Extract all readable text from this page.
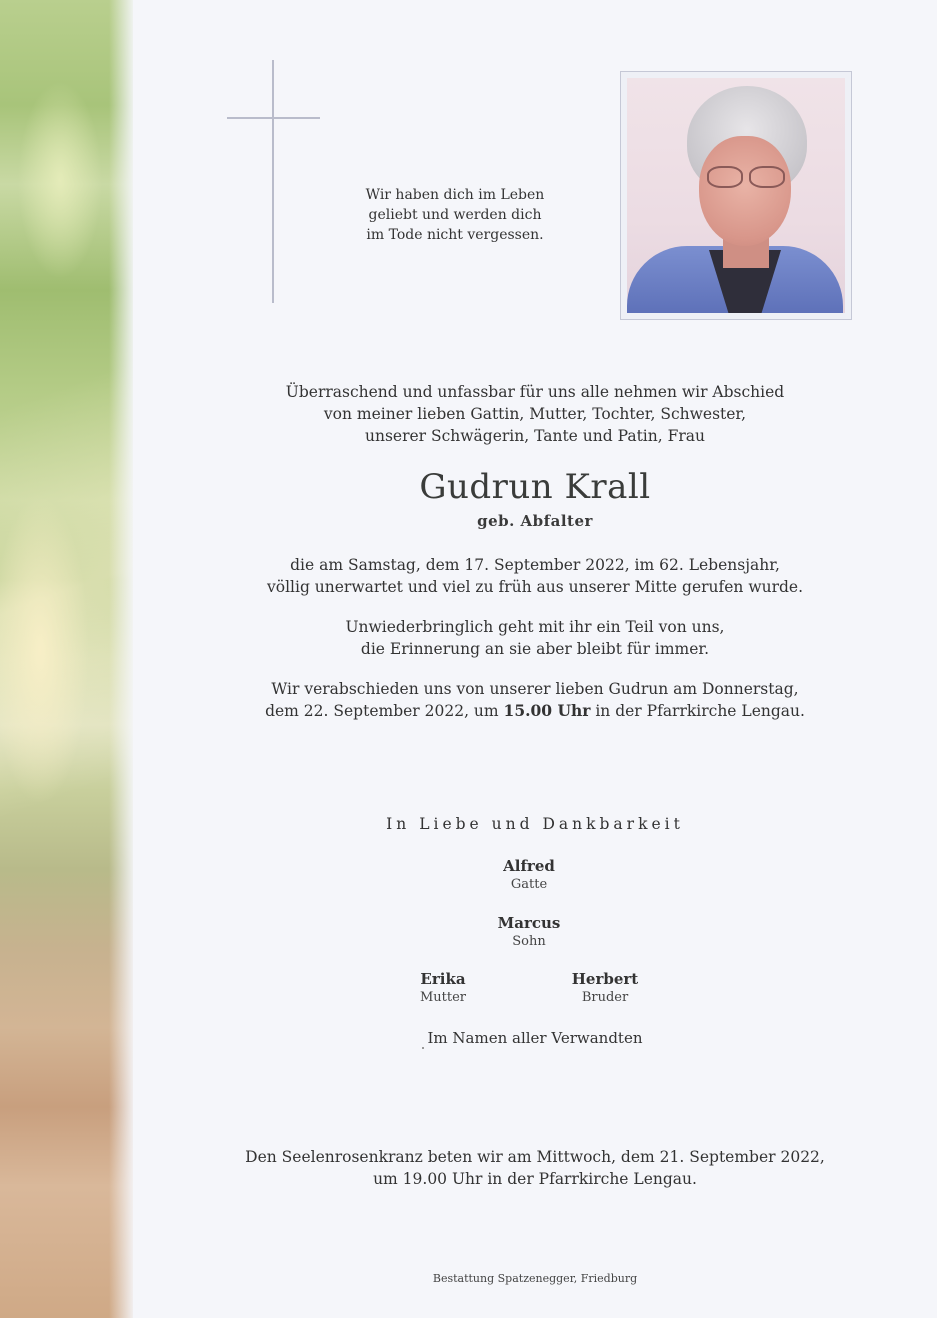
Wir haben dich im Leben
geliebt und werden dich
im Tode nicht vergessen.
Überraschend und unfassbar für uns alle nehmen wir Abschied
von meiner lieben Gattin, Mutter, Tochter, Schwester,
unserer Schwägerin, Tante und Patin, Frau
Gudrun Krall
geb. Abfalter
die am Samstag, dem 17. September 2022, im 62. Lebensjahr,
völlig unerwartet und viel zu früh aus unserer Mitte gerufen wurde.
Unwiederbringlich geht mit ihr ein Teil von uns,
die Erinnerung an sie aber bleibt für immer.
Wir verabschieden uns von unserer lieben Gudrun am Donnerstag,
dem 22. September 2022, um 15.00 Uhr in der Pfarrkirche Lengau.
In Liebe und Dankbarkeit
Alfred
Gatte
Marcus
Sohn
Erika
Mutter
Herbert
Bruder
Im Namen aller Verwandten
Den Seelenrosenkranz beten wir am Mittwoch, dem 21. September 2022,
um 19.00 Uhr in der Pfarrkirche Lengau.
Bestattung Spatzenegger, Friedburg
